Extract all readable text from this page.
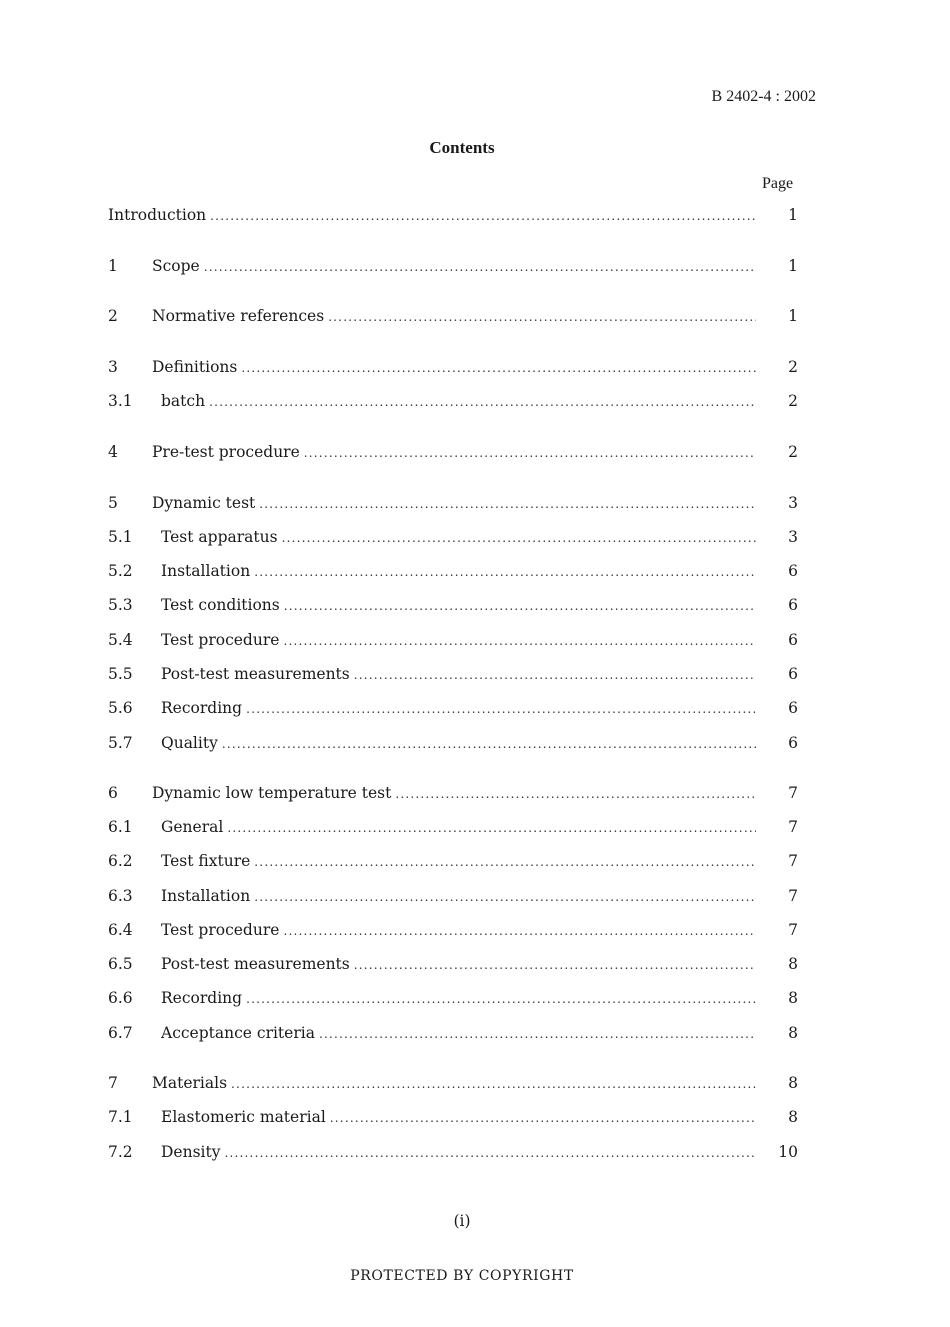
B 2402-4 : 2002
Contents
Page
Introduction .....	1
1 Scope .....	1
2 Normative references .....	1
3 Definitions .....	2
3.1 batch .....	2
4 Pre-test procedure .....	2
5 Dynamic test .....	3
5.1 Test apparatus .....	3
5.2 Installation .....	6
5.3 Test conditions .....	6
5.4 Test procedure .....	6
5.5 Post-test measurements .....	6
5.6 Recording .....	6
5.7 Quality .....	6
6 Dynamic low temperature test .....	7
6.1 General .....	7
6.2 Test fixture .....	7
6.3 Installation .....	7
6.4 Test procedure .....	7
6.5 Post-test measurements .....	8
6.6 Recording .....	8
6.7 Acceptance criteria .....	8
7 Materials .....	8
7.1 Elastomeric material .....	8
7.2 Density .....	10
(i)
PROTECTED BY COPYRIGHT
